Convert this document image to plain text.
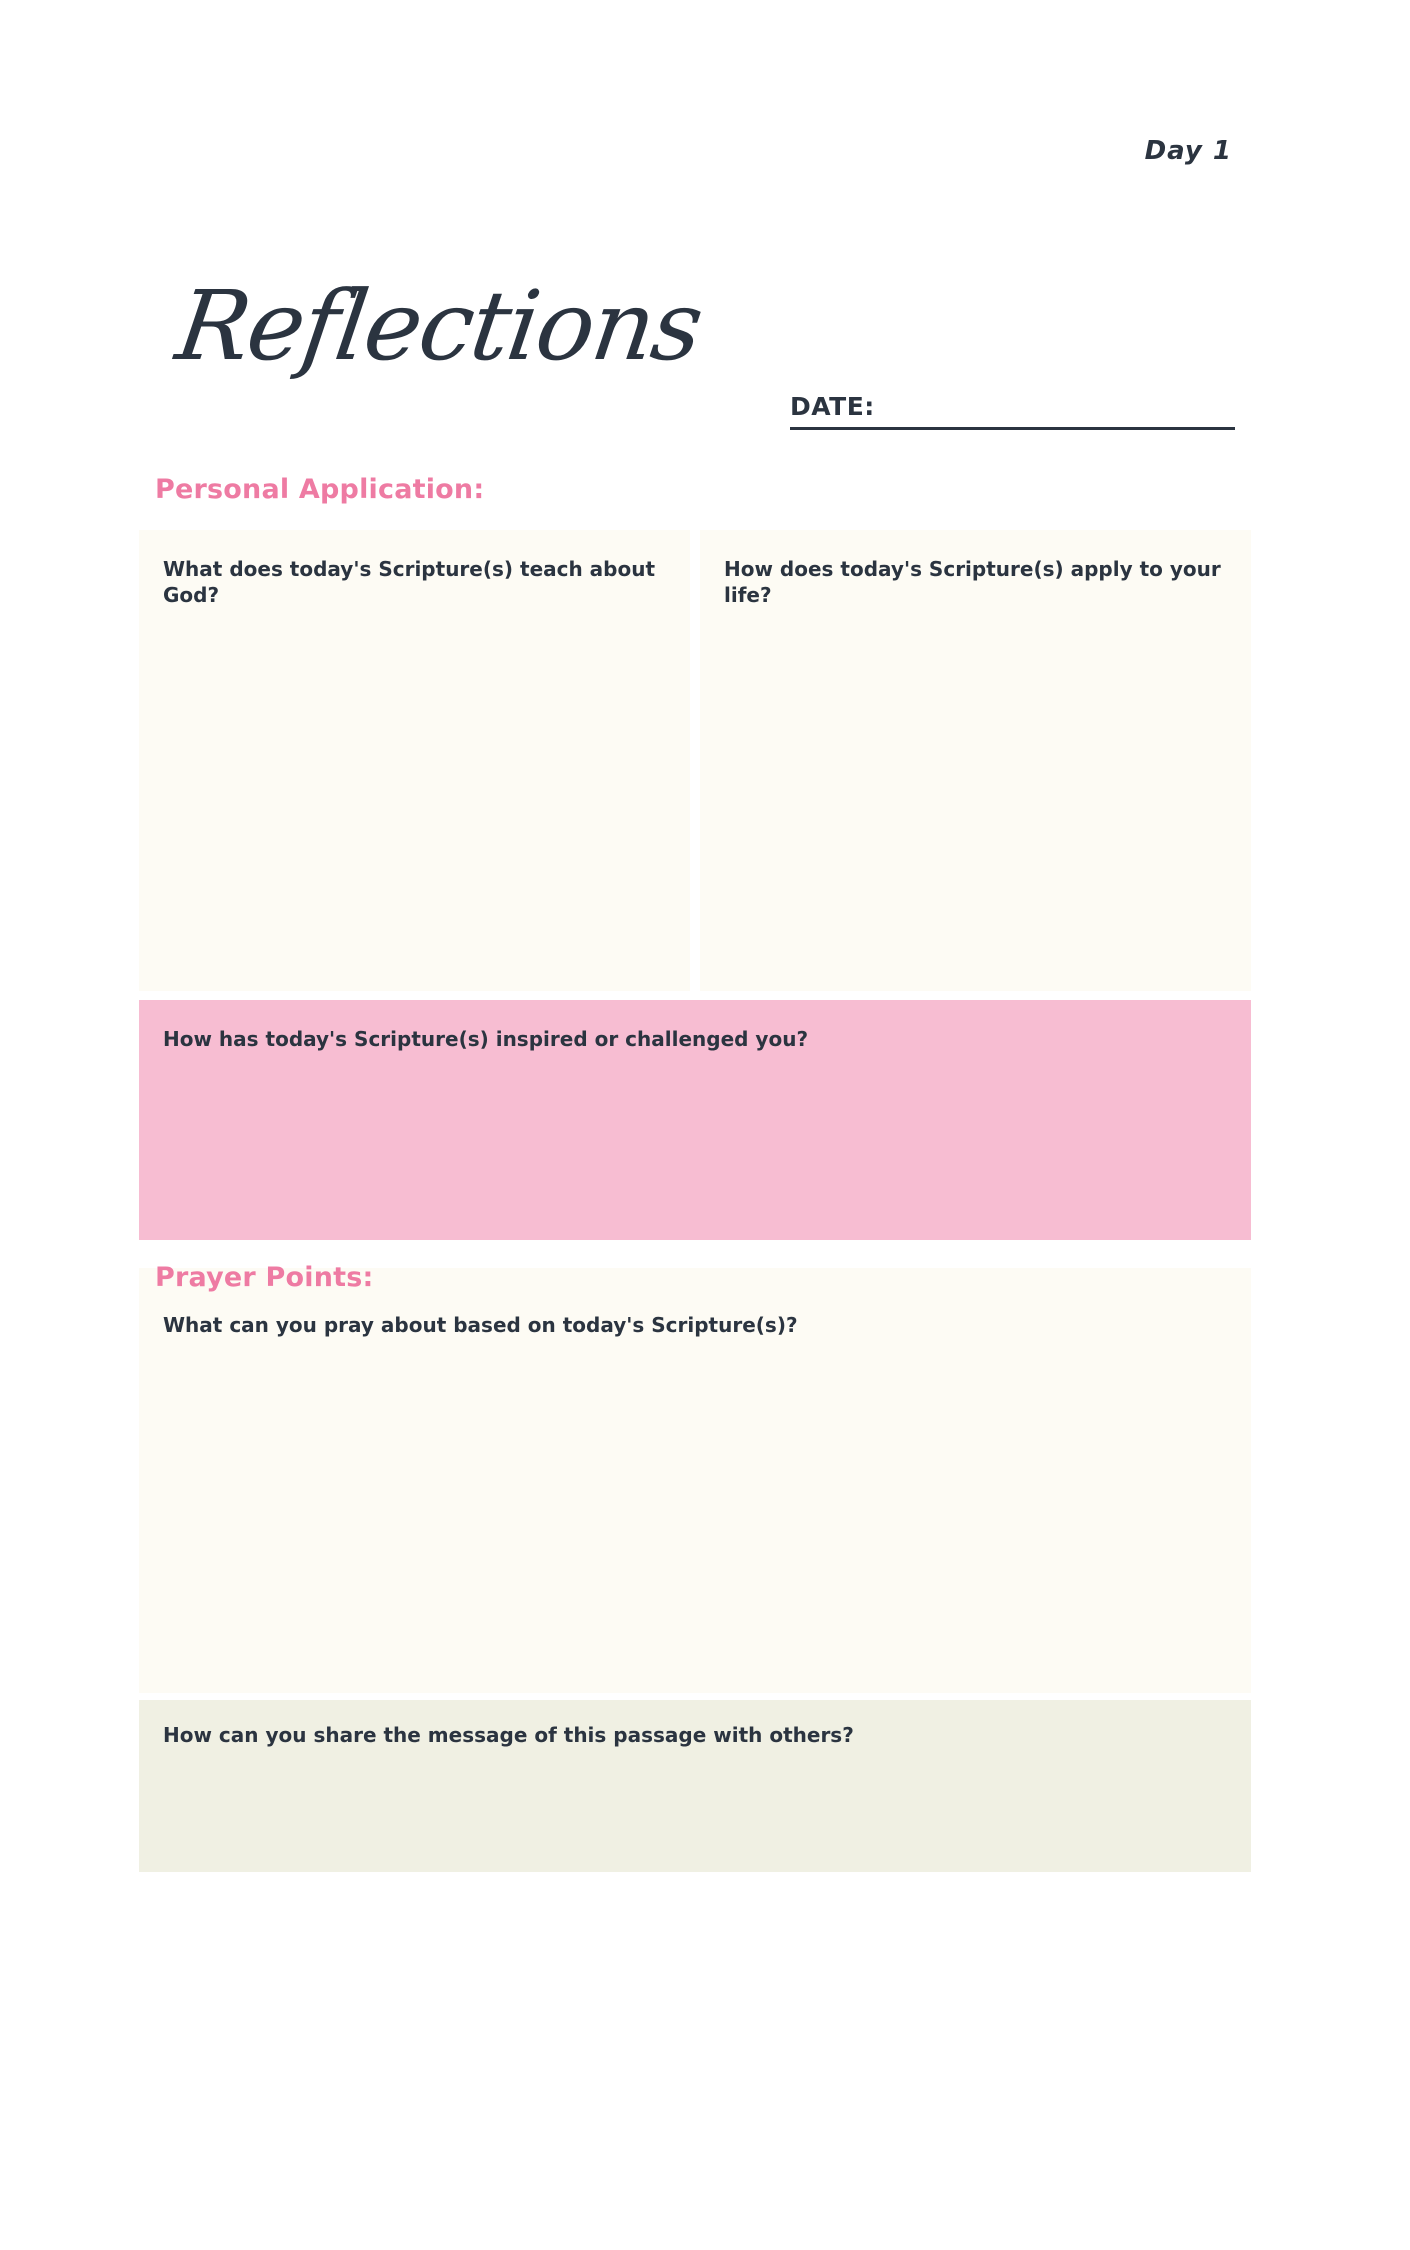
Day 1
Reflections
DATE:
Personal Application:
What does today's Scripture(s) teach about God?
How does today's Scripture(s) apply to your life?
How has today's Scripture(s) inspired or challenged you?
What can you pray about based on today's Scripture(s)?
Prayer Points:
How can you share the message of this passage with others?
